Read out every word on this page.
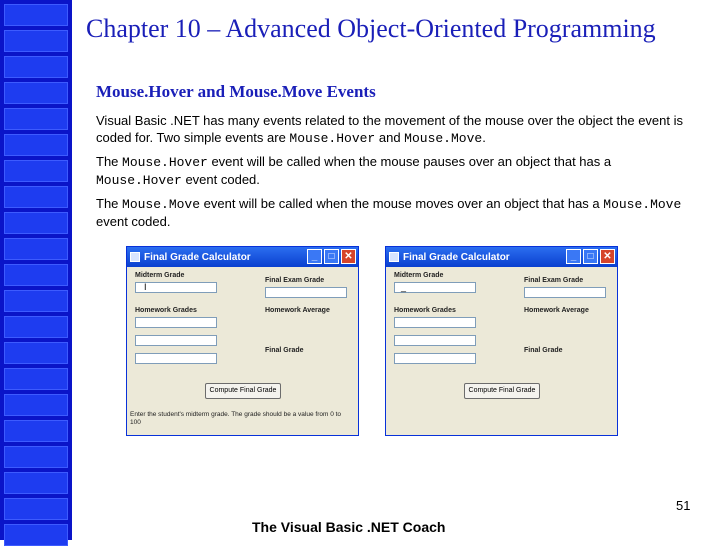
Chapter 10 – Advanced Object-Oriented Programming
Mouse.Hover and Mouse.Move Events
Visual Basic .NET has many events related to the movement of the mouse over the object the event is coded for. Two simple events are Mouse.Hover and Mouse.Move.
The Mouse.Hover event will be called when the mouse pauses over an object that has a Mouse.Hover event coded.
The Mouse.Move event will be called when the mouse moves over an object that has a Mouse.Move event coded.
Final Grade Calculator	_	□ ✕
Midterm Grade
I
Final Exam Grade
Homework Grades	Homework Average
Final Grade
Compute Final Grade
Enter the student's midterm grade. The grade should be a value from 0 to 100
Final Grade Calculator	_	□ ✕
Midterm Grade
_
Final Exam Grade
Homework Grades	Homework Average
Final Grade
Compute Final Grade
51
The Visual Basic .NET Coach
